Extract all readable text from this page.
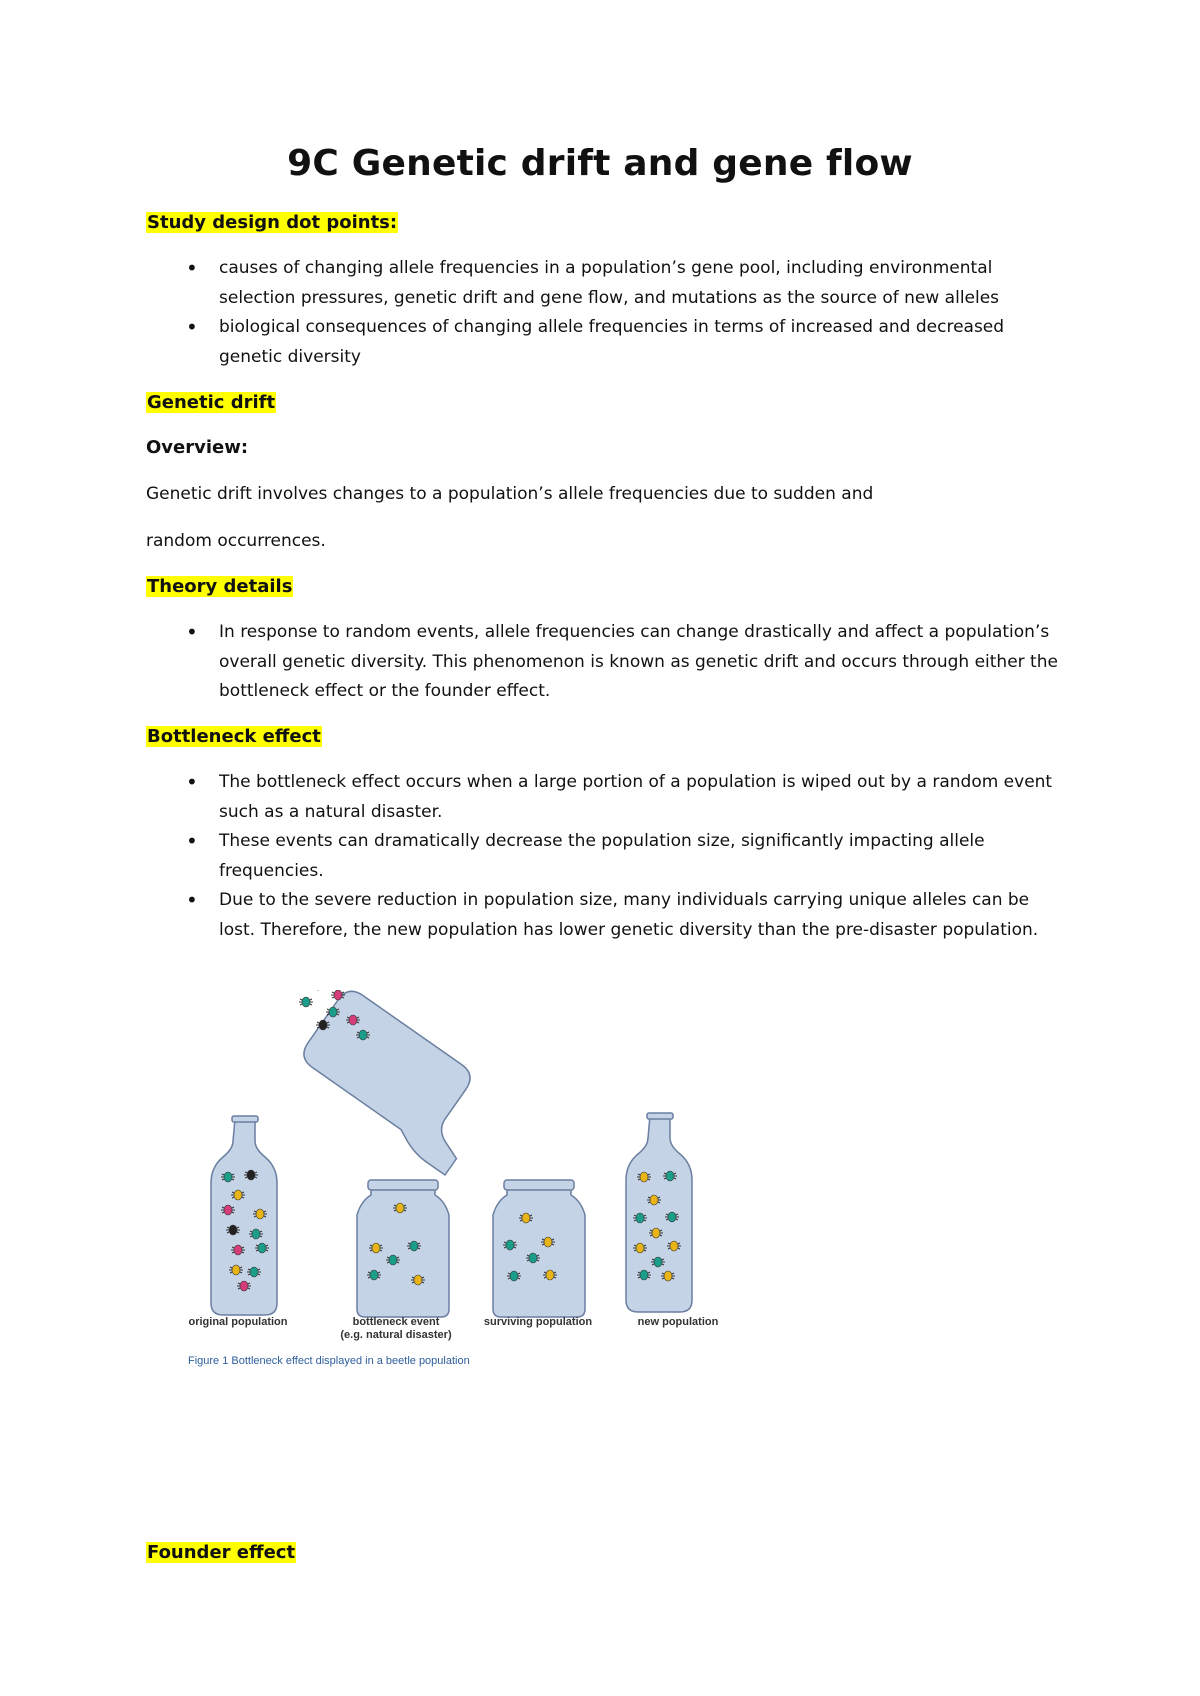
9C Genetic drift and gene flow
Study design dot points:
• causes of changing allele frequencies in a population’s gene pool, including environmental selection pressures, genetic drift and gene flow, and mutations as the source of new alleles
• biological consequences of changing allele frequencies in terms of increased and decreased genetic diversity
Genetic drift
Overview:
Genetic drift involves changes to a population’s allele frequencies due to sudden and
random occurrences.
Theory details
• In response to random events, allele frequencies can change drastically and affect a population’s overall genetic diversity. This phenomenon is known as genetic drift and occurs through either the bottleneck effect or the founder effect.
Bottleneck effect
• The bottleneck effect occurs when a large portion of a population is wiped out by a random event such as a natural disaster.
• These events can dramatically decrease the population size, significantly impacting allele frequencies.
• Due to the severe reduction in population size, many individuals carrying unique alleles can be lost. Therefore, the new population has lower genetic diversity than the pre-disaster population.
original population	bottleneck event
(e.g. natural disaster)
surviving population	new population
Figure 1 Bottleneck effect displayed in a beetle population
Founder effect
